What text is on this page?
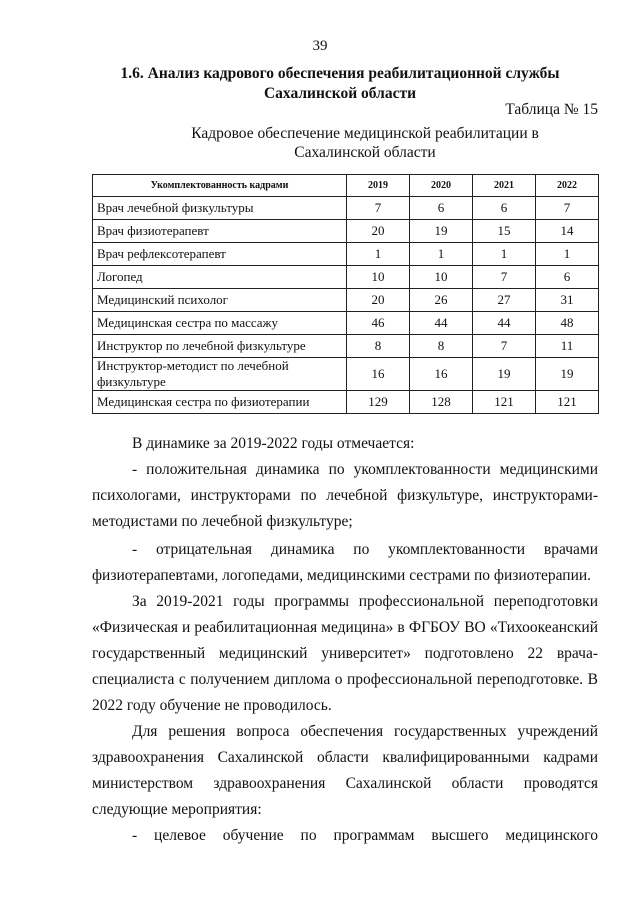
39
1.6. Анализ кадрового обеспечения реабилитационной службы Сахалинской области
Таблица № 15
Кадровое обеспечение медицинской реабилитации в Сахалинской области
Укомплектованность кадрами	2019	2020	2021	2022
Врач лечебной физкультуры	7	6	6	7
Врач физиотерапевт	20	19	15	14
Врач рефлексотерапевт	1	1	1	1
Логопед	10	10	7	6
Медицинский психолог	20	26	27	31
Медицинская сестра по массажу	46	44	44	48
Инструктор по лечебной физкультуре	8	8	7	11
Инструктор-методист по лечебной физкультуре	16	16	19	19
Медицинская сестра по физиотерапии	129	128	121	121

В динамике за 2019-2022 годы отмечается:

- положительная динамика по укомплектованности медицинскими психологами, инструкторами по лечебной физкультуре, инструкторами-методистами по лечебной физкультуре;

- отрицательная динамика по укомплектованности врачами физиотерапевтами, логопедами, медицинскими сестрами по физиотерапии.

За 2019-2021 годы программы профессиональной переподготовки «Физическая и реабилитационная медицина» в ФГБОУ ВО «Тихоокеанский государственный медицинский университет» подготовлено 22 врача-специалиста с получением диплома о профессиональной переподготовке. В 2022 году обучение не проводилось.

Для решения вопроса обеспечения государственных учреждений здравоохранения Сахалинской области квалифицированными кадрами министерством здравоохранения Сахалинской области проводятся следующие мероприятия:

- целевое обучение по программам высшего медицинского
